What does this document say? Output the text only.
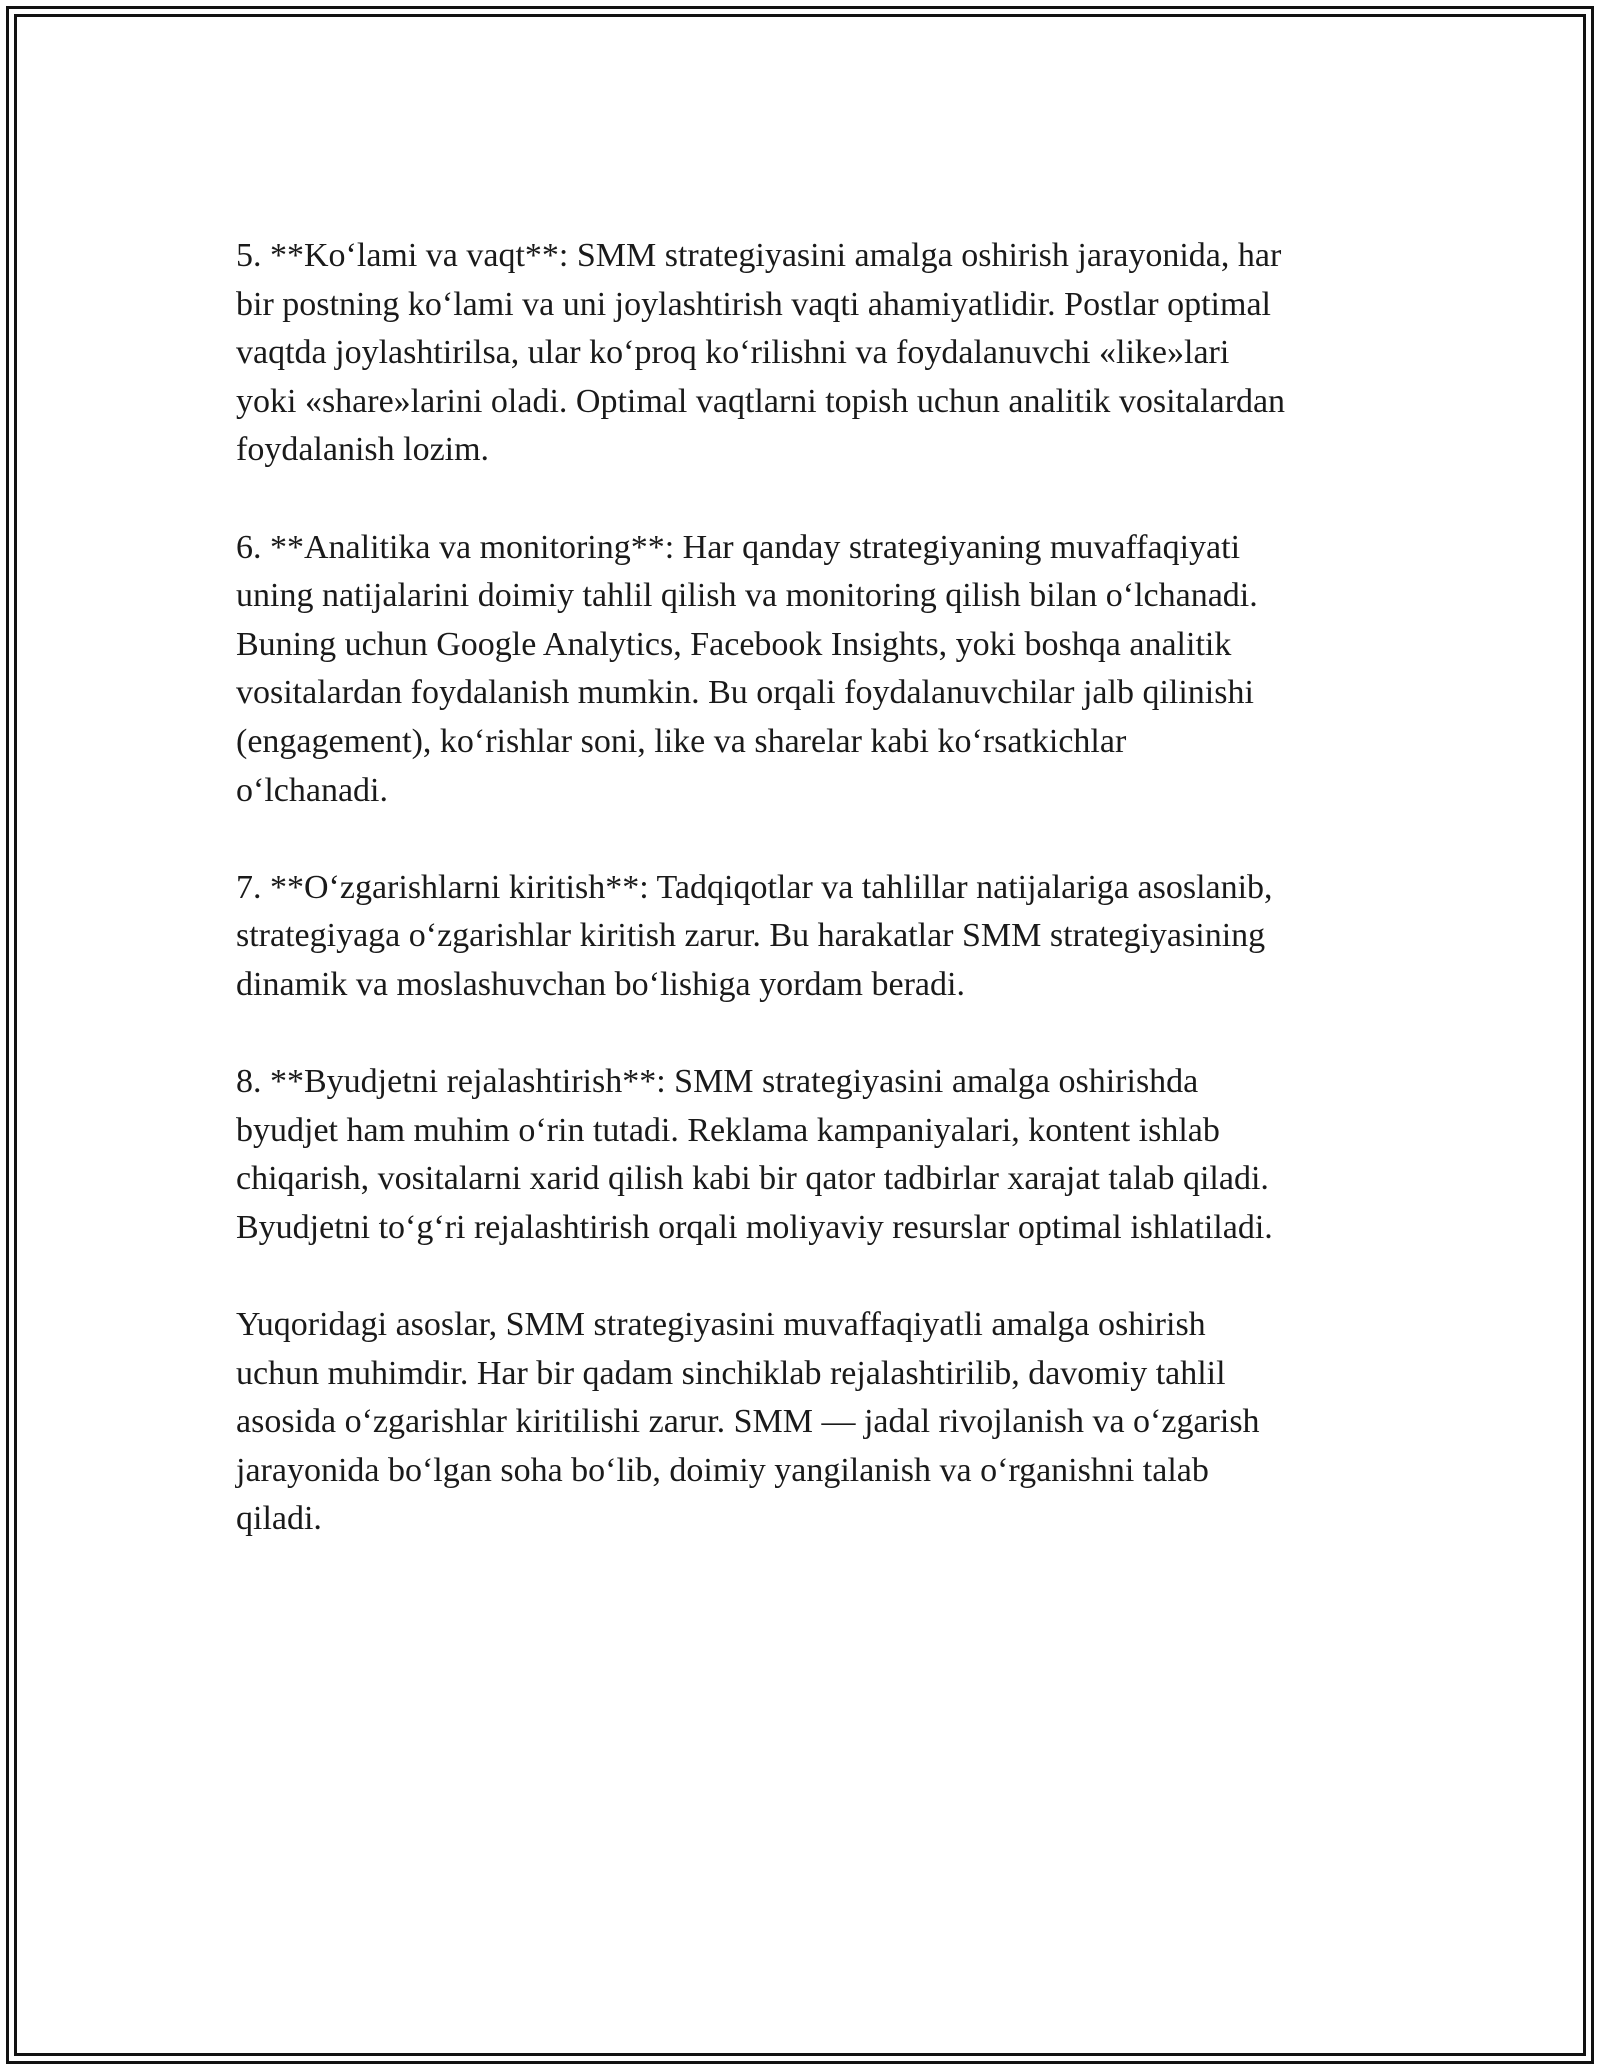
5. **Ko‘lami va vaqt**: SMM strategiyasini amalga oshirish jarayonida, har
bir postning ko‘lami va uni joylashtirish vaqti ahamiyatlidir. Postlar optimal
vaqtda joylashtirilsa, ular ko‘proq ko‘rilishni va foydalanuvchi «like»lari
yoki «share»larini oladi. Optimal vaqtlarni topish uchun analitik vositalardan
foydalanish lozim.

6. **Analitika va monitoring**: Har qanday strategiyaning muvaffaqiyati
uning natijalarini doimiy tahlil qilish va monitoring qilish bilan o‘lchanadi.
Buning uchun Google Analytics, Facebook Insights, yoki boshqa analitik
vositalardan foydalanish mumkin. Bu orqali foydalanuvchilar jalb qilinishi
(engagement), ko‘rishlar soni, like va sharelar kabi ko‘rsatkichlar
o‘lchanadi.

7. **O‘zgarishlarni kiritish**: Tadqiqotlar va tahlillar natijalariga asoslanib,
strategiyaga o‘zgarishlar kiritish zarur. Bu harakatlar SMM strategiyasining
dinamik va moslashuvchan bo‘lishiga yordam beradi.

8. **Byudjetni rejalashtirish**: SMM strategiyasini amalga oshirishda
byudjet ham muhim o‘rin tutadi. Reklama kampaniyalari, kontent ishlab
chiqarish, vositalarni xarid qilish kabi bir qator tadbirlar xarajat talab qiladi.
Byudjetni to‘g‘ri rejalashtirish orqali moliyaviy resurslar optimal ishlatiladi.

Yuqoridagi asoslar, SMM strategiyasini muvaffaqiyatli amalga oshirish
uchun muhimdir. Har bir qadam sinchiklab rejalashtirilib, davomiy tahlil
asosida o‘zgarishlar kiritilishi zarur. SMM — jadal rivojlanish va o‘zgarish
jarayonida bo‘lgan soha bo‘lib, doimiy yangilanish va o‘rganishni talab
qiladi.
